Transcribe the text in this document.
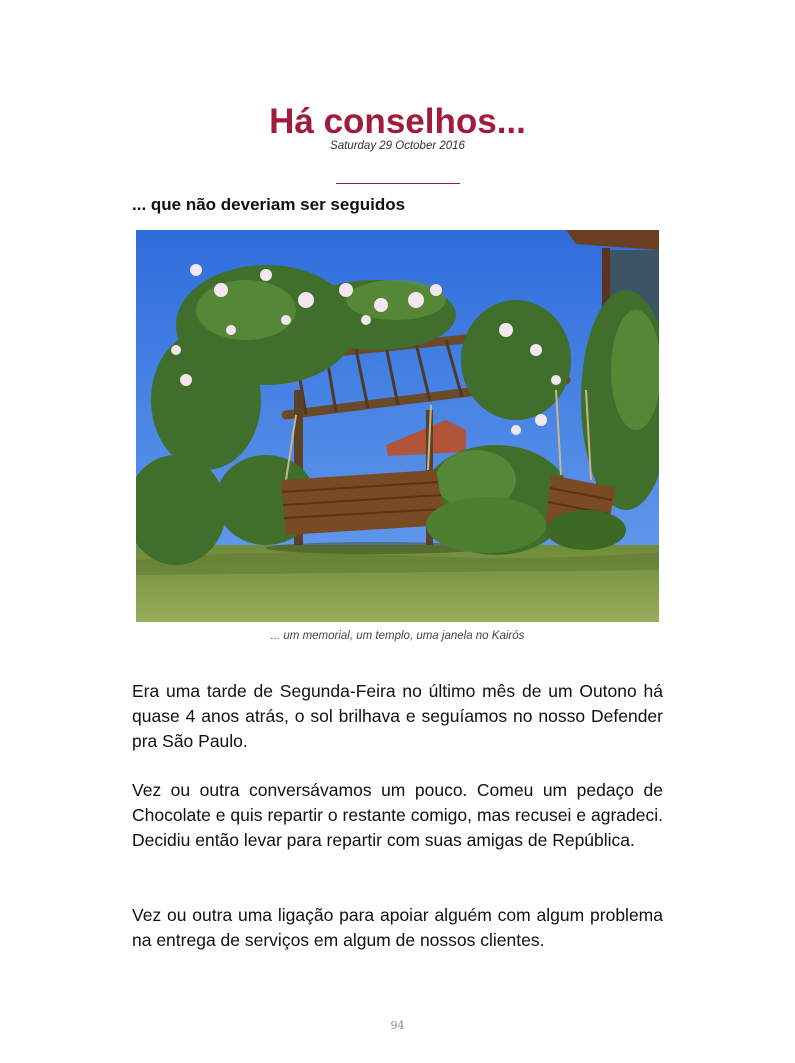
Há conselhos...
Saturday 29 October 2016
... que não deveriam ser seguidos
... um memorial, um templo, uma janela no Kairós

Era uma tarde de Segunda-Feira no último mês de um Outono há quase 4 anos atrás, o sol brilhava e seguíamos no nosso Defender pra São Paulo.

Vez ou outra conversávamos um pouco. Comeu um pedaço de Chocolate e quis repartir o restante comigo, mas recusei e agradeci. Decidiu então levar para repartir com suas amigas de República.

Vez ou outra uma ligação para apoiar alguém com algum problema na entrega de serviços em algum de nossos clientes.

94
